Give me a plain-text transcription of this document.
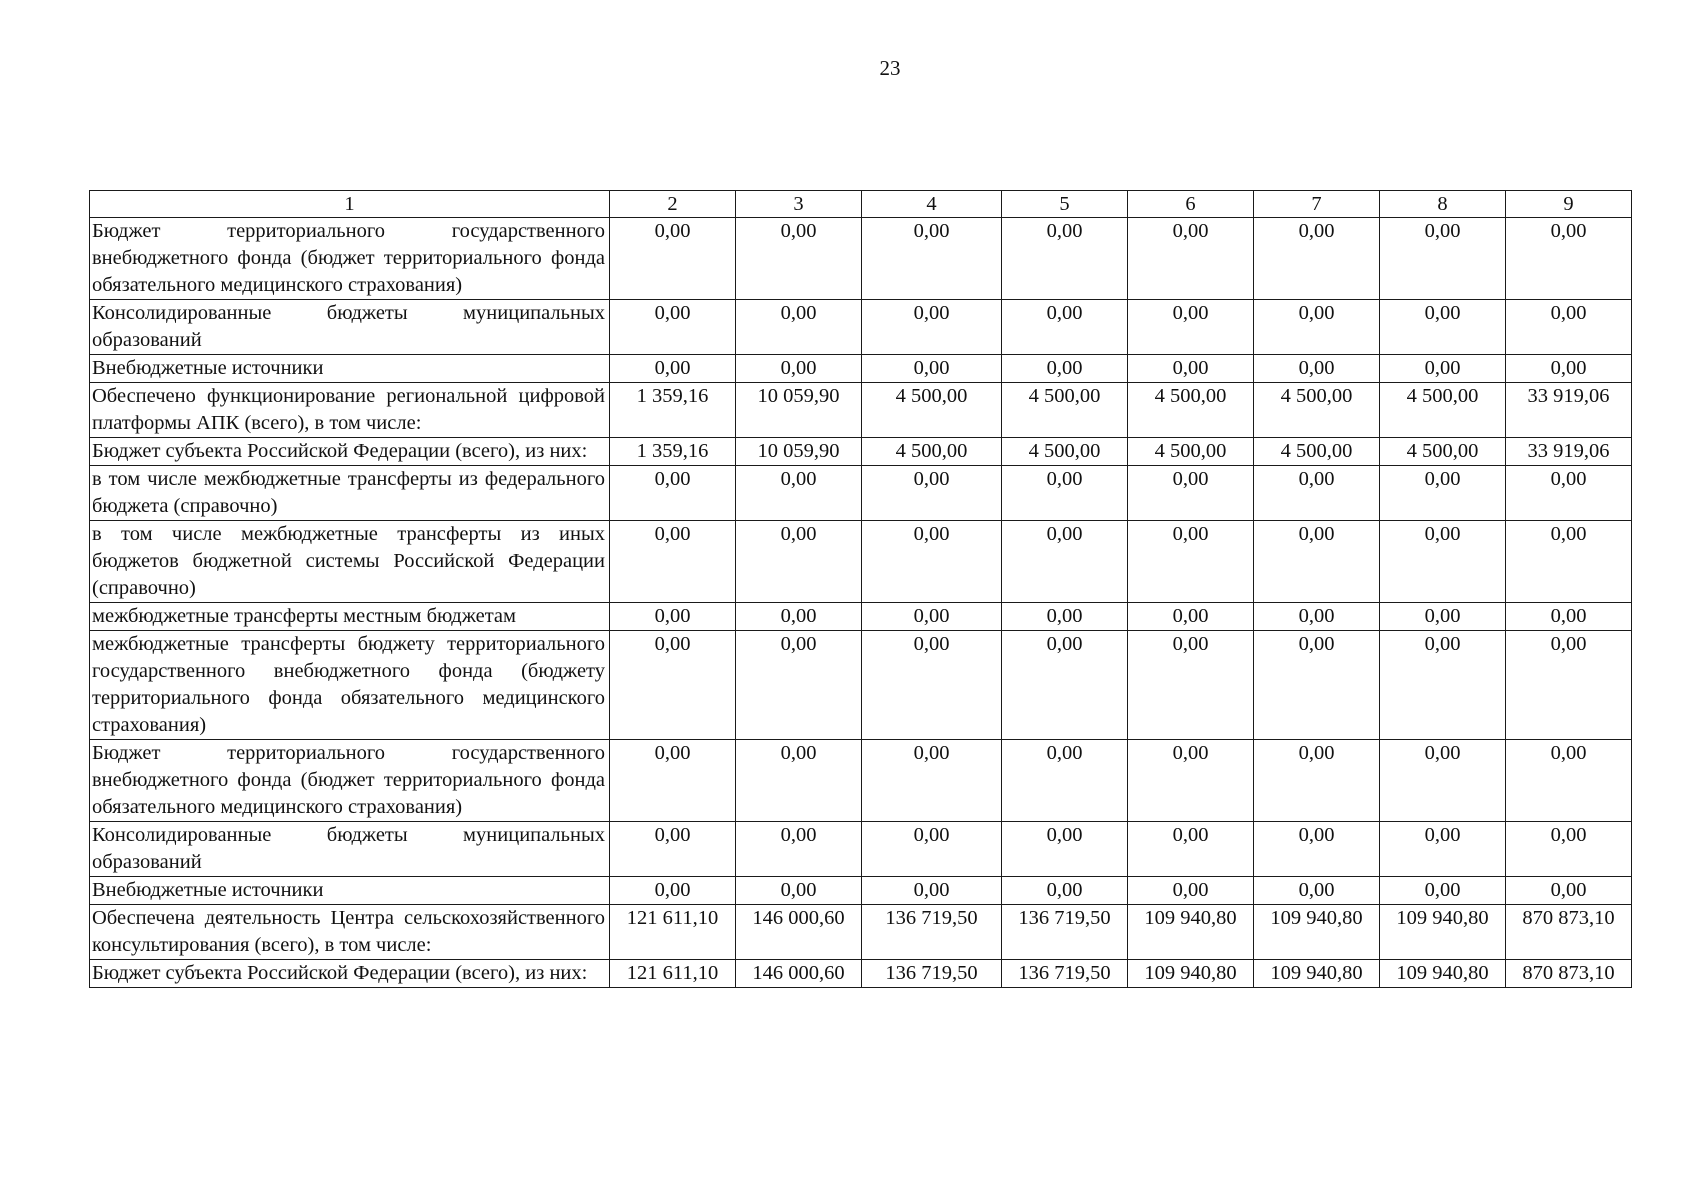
23
1	2	3	4	5	6	7	8	9
Бюджет территориального государственного внебюджетного фонда (бюджет территориального фонда обязательного медицинского страхования)	0,00	0,00	0,00	0,00	0,00	0,00	0,00	0,00
Консолидированные бюджеты муниципальных образований	0,00	0,00	0,00	0,00	0,00	0,00	0,00	0,00
Внебюджетные источники	0,00	0,00	0,00	0,00	0,00	0,00	0,00	0,00
Обеспечено функционирование региональной цифровой платформы АПК (всего), в том числе:	1 359,16	10 059,90	4 500,00	4 500,00	4 500,00	4 500,00	4 500,00	33 919,06
Бюджет субъекта Российской Федерации (всего), из них:	1 359,16	10 059,90	4 500,00	4 500,00	4 500,00	4 500,00	4 500,00	33 919,06
в том числе межбюджетные трансферты из федерального бюджета (справочно)	0,00	0,00	0,00	0,00	0,00	0,00	0,00	0,00
в том числе межбюджетные трансферты из иных бюджетов бюджетной системы Российской Федерации (справочно)	0,00	0,00	0,00	0,00	0,00	0,00	0,00	0,00
межбюджетные трансферты местным бюджетам	0,00	0,00	0,00	0,00	0,00	0,00	0,00	0,00
межбюджетные трансферты бюджету территориального государственного внебюджетного фонда (бюджету территориального фонда обязательного медицинского страхования)	0,00	0,00	0,00	0,00	0,00	0,00	0,00	0,00
Бюджет территориального государственного внебюджетного фонда (бюджет территориального фонда обязательного медицинского страхования)	0,00	0,00	0,00	0,00	0,00	0,00	0,00	0,00
Консолидированные бюджеты муниципальных образований	0,00	0,00	0,00	0,00	0,00	0,00	0,00	0,00
Внебюджетные источники	0,00	0,00	0,00	0,00	0,00	0,00	0,00	0,00
Обеспечена деятельность Центра сельскохозяйственного консультирования (всего), в том числе:	121 611,10	146 000,60	136 719,50	136 719,50	109 940,80	109 940,80	109 940,80	870 873,10
Бюджет субъекта Российской Федерации (всего), из них:	121 611,10	146 000,60	136 719,50	136 719,50	109 940,80	109 940,80	109 940,80	870 873,10
